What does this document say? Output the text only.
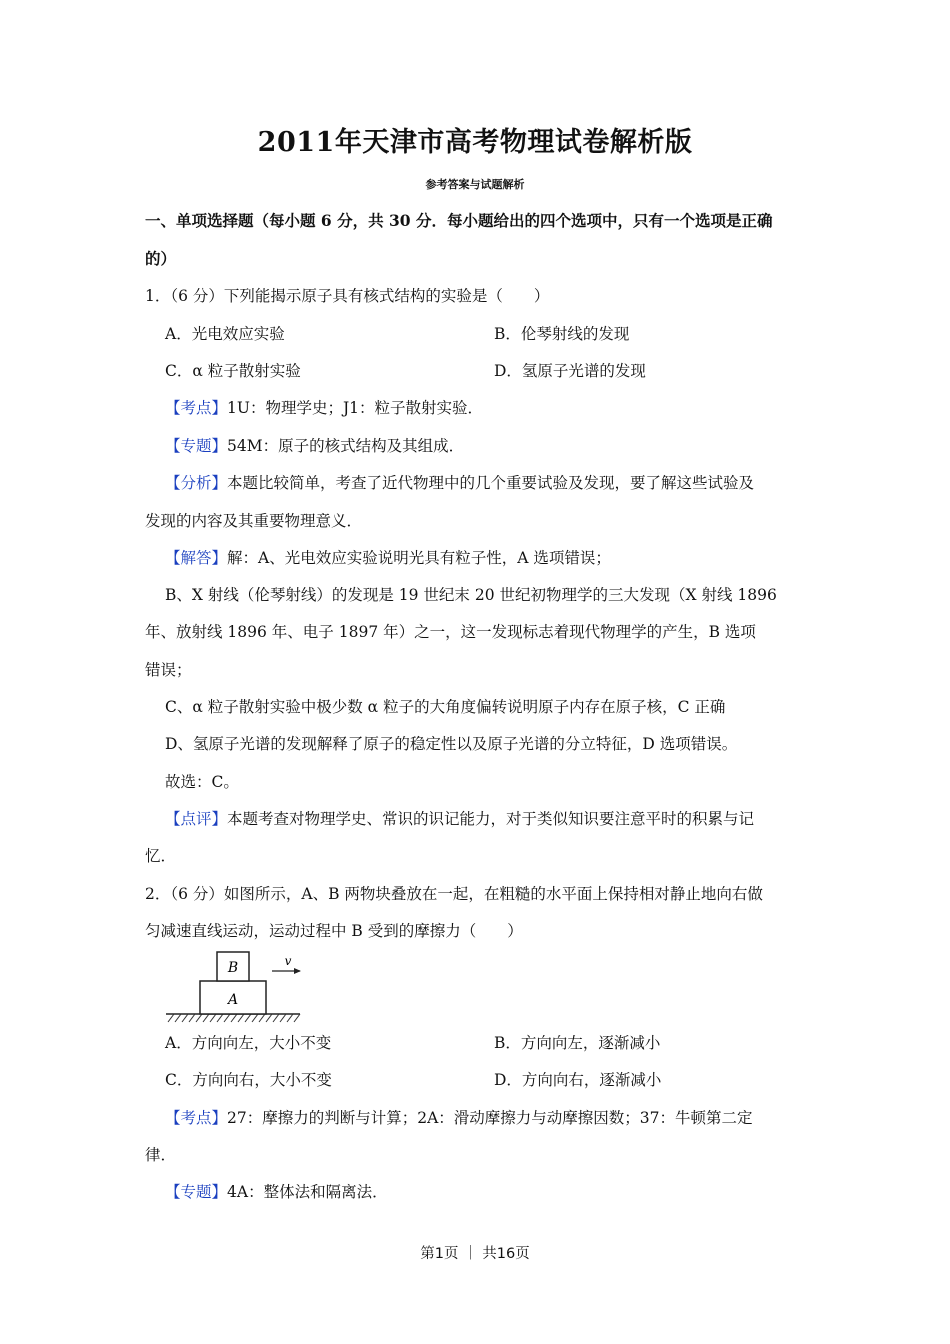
2011年天津市高考物理试卷解析版
参考答案与试题解析
一、单项选择题（每小题 6 分，共 30 分．每小题给出的四个选项中，只有一个选项是正确
的）
1．（6 分）下列能揭示原子具有核式结构的实验是（　　）
A．光电效应实验	B．伦琴射线的发现
C．α 粒子散射实验	D．氢原子光谱的发现
【考点】1U：物理学史；J1：粒子散射实验．
【专题】54M：原子的核式结构及其组成．
【分析】本题比较简单，考查了近代物理中的几个重要试验及发现，要了解这些试验及
发现的内容及其重要物理意义．
【解答】解：A、光电效应实验说明光具有粒子性，A 选项错误；
B、X 射线（伦琴射线）的发现是 19 世纪末 20 世纪初物理学的三大发现（X 射线 1896
年、放射线 1896 年、电子 1897 年）之一，这一发现标志着现代物理学的产生，B 选项
错误；
C、α 粒子散射实验中极少数 α 粒子的大角度偏转说明原子内存在原子核，C 正确
D、氢原子光谱的发现解释了原子的稳定性以及原子光谱的分立特征，D 选项错误。
故选：C。
【点评】本题考查对物理学史、常识的识记能力，对于类似知识要注意平时的积累与记
忆．
2．（6 分）如图所示，A、B 两物块叠放在一起，在粗糙的水平面上保持相对静止地向右做
匀减速直线运动，运动过程中 B 受到的摩擦力（　　）
A
B	v
A．方向向左，大小不变	B．方向向左，逐渐减小
C．方向向右，大小不变	D．方向向右，逐渐减小
【考点】27：摩擦力的判断与计算；2A：滑动摩擦力与动摩擦因数；37：牛顿第二定
律．
【专题】4A：整体法和隔离法．
第1页 ｜ 共16页
